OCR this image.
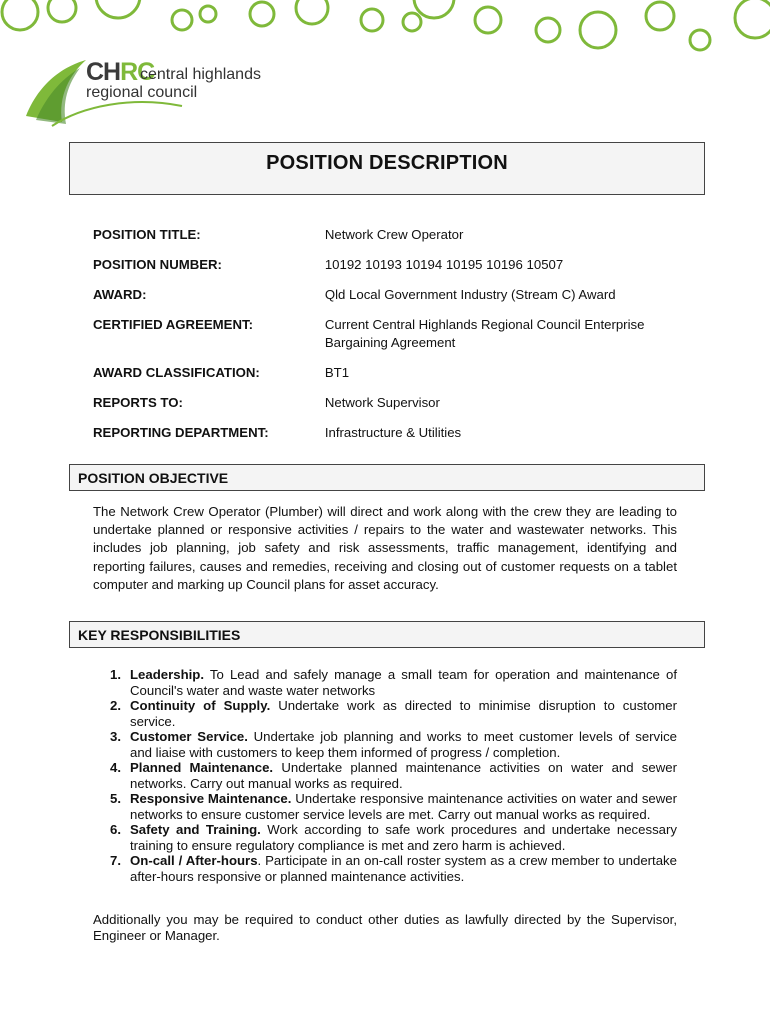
CHRC
central highlands
regional council
POSITION DESCRIPTION
POSITION TITLE:	Network Crew Operator
POSITION NUMBER:	10192 10193 10194 10195 10196 10507
AWARD:	Qld Local Government Industry (Stream C) Award
CERTIFIED AGREEMENT:	Current Central Highlands Regional Council Enterprise Bargaining Agreement
AWARD CLASSIFICATION:	BT1
REPORTS TO:	Network Supervisor
REPORTING DEPARTMENT:	Infrastructure & Utilities
POSITION OBJECTIVE

The Network Crew Operator (Plumber) will direct and work along with the crew they are leading to undertake planned or responsive activities / repairs to the water and wastewater networks. This includes job planning, job safety and risk assessments, traffic management, identifying and reporting failures, causes and remedies, receiving and closing out of customer requests on a tablet computer and marking up Council plans for asset accuracy.

KEY RESPONSIBILITIES
1. Leadership. To Lead and safely manage a small team for operation and maintenance of Council's water and waste water networks
2. Continuity of Supply. Undertake work as directed to minimise disruption to customer service.
3. Customer Service. Undertake job planning and works to meet customer levels of service and liaise with customers to keep them informed of progress / completion.
4. Planned Maintenance. Undertake planned maintenance activities on water and sewer networks. Carry out manual works as required.
5. Responsive Maintenance. Undertake responsive maintenance activities on water and sewer networks to ensure customer service levels are met. Carry out manual works as required.
6. Safety and Training. Work according to safe work procedures and undertake necessary training to ensure regulatory compliance is met and zero harm is achieved.
7. On-call / After-hours. Participate in an on-call roster system as a crew member to undertake after-hours responsive or planned maintenance activities.

Additionally you may be required to conduct other duties as lawfully directed by the Supervisor, Engineer or Manager.
